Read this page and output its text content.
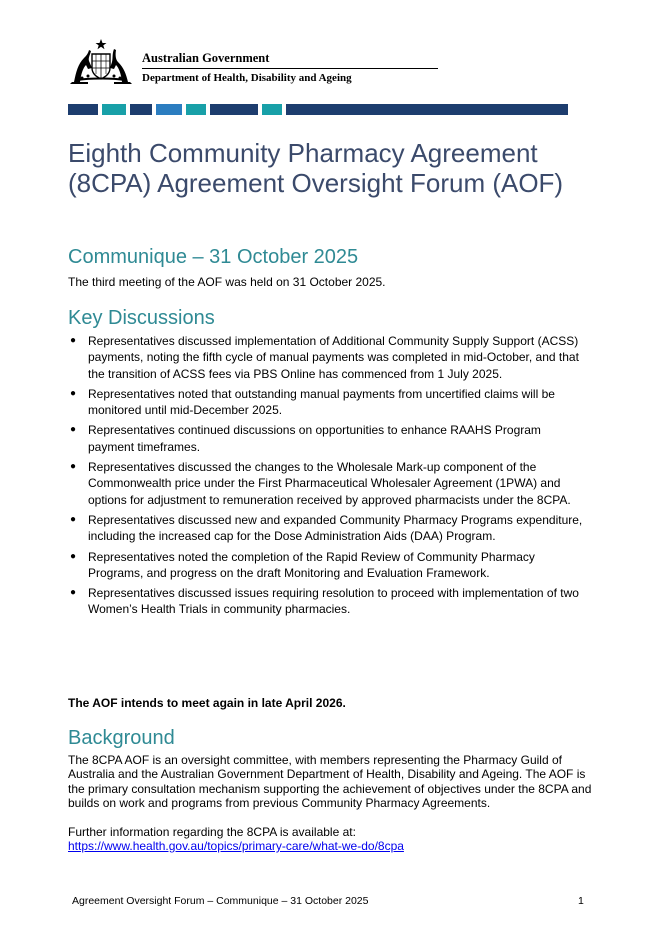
Australian Government
Department of Health, Disability and Ageing
Eighth Community Pharmacy Agreement (8CPA) Agreement Oversight Forum (AOF)
Communique – 31 October 2025

The third meeting of the AOF was held on 31 October 2025.

Key Discussions
● Representatives discussed implementation of Additional Community Supply Support (ACSS) payments, noting the fifth cycle of manual payments was completed in mid-October, and that the transition of ACSS fees via PBS Online has commenced from 1 July 2025.
● Representatives noted that outstanding manual payments from uncertified claims will be monitored until mid-December 2025.
● Representatives continued discussions on opportunities to enhance RAAHS Program payment timeframes.
● Representatives discussed the changes to the Wholesale Mark-up component of the Commonwealth price under the First Pharmaceutical Wholesaler Agreement (1PWA) and options for adjustment to remuneration received by approved pharmacists under the 8CPA.
● Representatives discussed new and expanded Community Pharmacy Programs expenditure, including the increased cap for the Dose Administration Aids (DAA) Program.
● Representatives noted the completion of the Rapid Review of Community Pharmacy Programs, and progress on the draft Monitoring and Evaluation Framework.
● Representatives discussed issues requiring resolution to proceed with implementation of two Women’s Health Trials in community pharmacies.

The AOF intends to meet again in late April 2026.

Background

The 8CPA AOF is an oversight committee, with members representing the Pharmacy Guild of Australia and the Australian Government Department of Health, Disability and Ageing. The AOF is the primary consultation mechanism supporting the achievement of objectives under the 8CPA and builds on work and programs from previous Community Pharmacy Agreements.

Further information regarding the 8CPA is available at:

https://www.health.gov.au/topics/primary-care/what-we-do/8cpa

Agreement Oversight Forum – Communique – 31 October 2025	1
